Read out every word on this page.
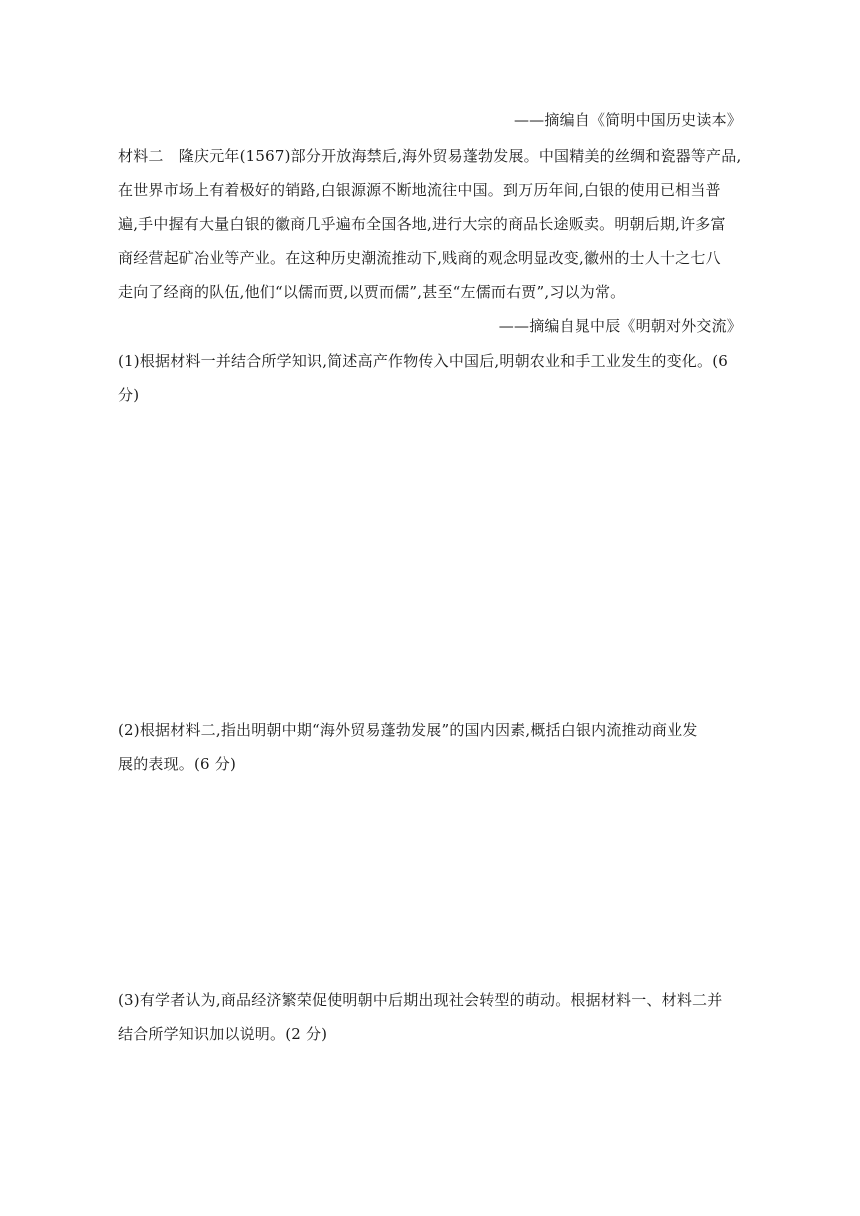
——摘编自《简明中国历史读本》
材料二　隆庆元年(1567)部分开放海禁后,海外贸易蓬勃发展。中国精美的丝绸和瓷器等产品,
在世界市场上有着极好的销路,白银源源不断地流往中国。到万历年间,白银的使用已相当普
遍,手中握有大量白银的徽商几乎遍布全国各地,进行大宗的商品长途贩卖。明朝后期,许多富
商经营起矿冶业等产业。在这种历史潮流推动下,贱商的观念明显改变,徽州的士人十之七八
走向了经商的队伍,他们“以儒而贾,以贾而儒”,甚至“左儒而右贾”,习以为常。
——摘编自晁中辰《明朝对外交流》
(1)根据材料一并结合所学知识,简述高产作物传入中国后,明朝农业和手工业发生的变化。(6
分)
(2)根据材料二,指出明朝中期“海外贸易蓬勃发展”的国内因素,概括白银内流推动商业发
展的表现。(6 分)
(3)有学者认为,商品经济繁荣促使明朝中后期出现社会转型的萌动。根据材料一、材料二并
结合所学知识加以说明。(2 分)
